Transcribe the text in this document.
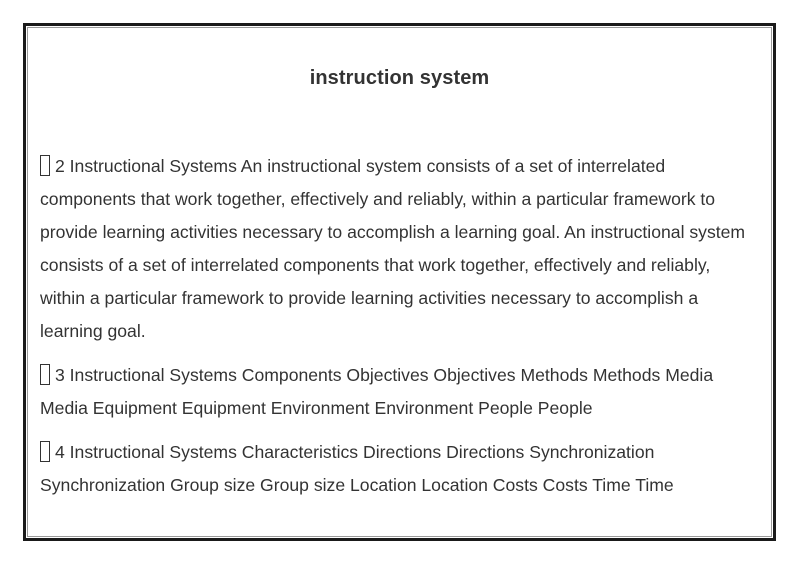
instruction system

2 Instructional Systems An instructional system consists of a set of interrelated components that work together, effectively and reliably, within a particular framework to provide learning activities necessary to accomplish a learning goal. An instructional system consists of a set of interrelated components that work together, effectively and reliably, within a particular framework to provide learning activities necessary to accomplish a learning goal.

3 Instructional Systems Components Objectives Objectives Methods Methods Media Media Equipment Equipment Environment Environment People People

4 Instructional Systems Characteristics Directions Directions Synchronization Synchronization Group size Group size Location Location Costs Costs Time Time
